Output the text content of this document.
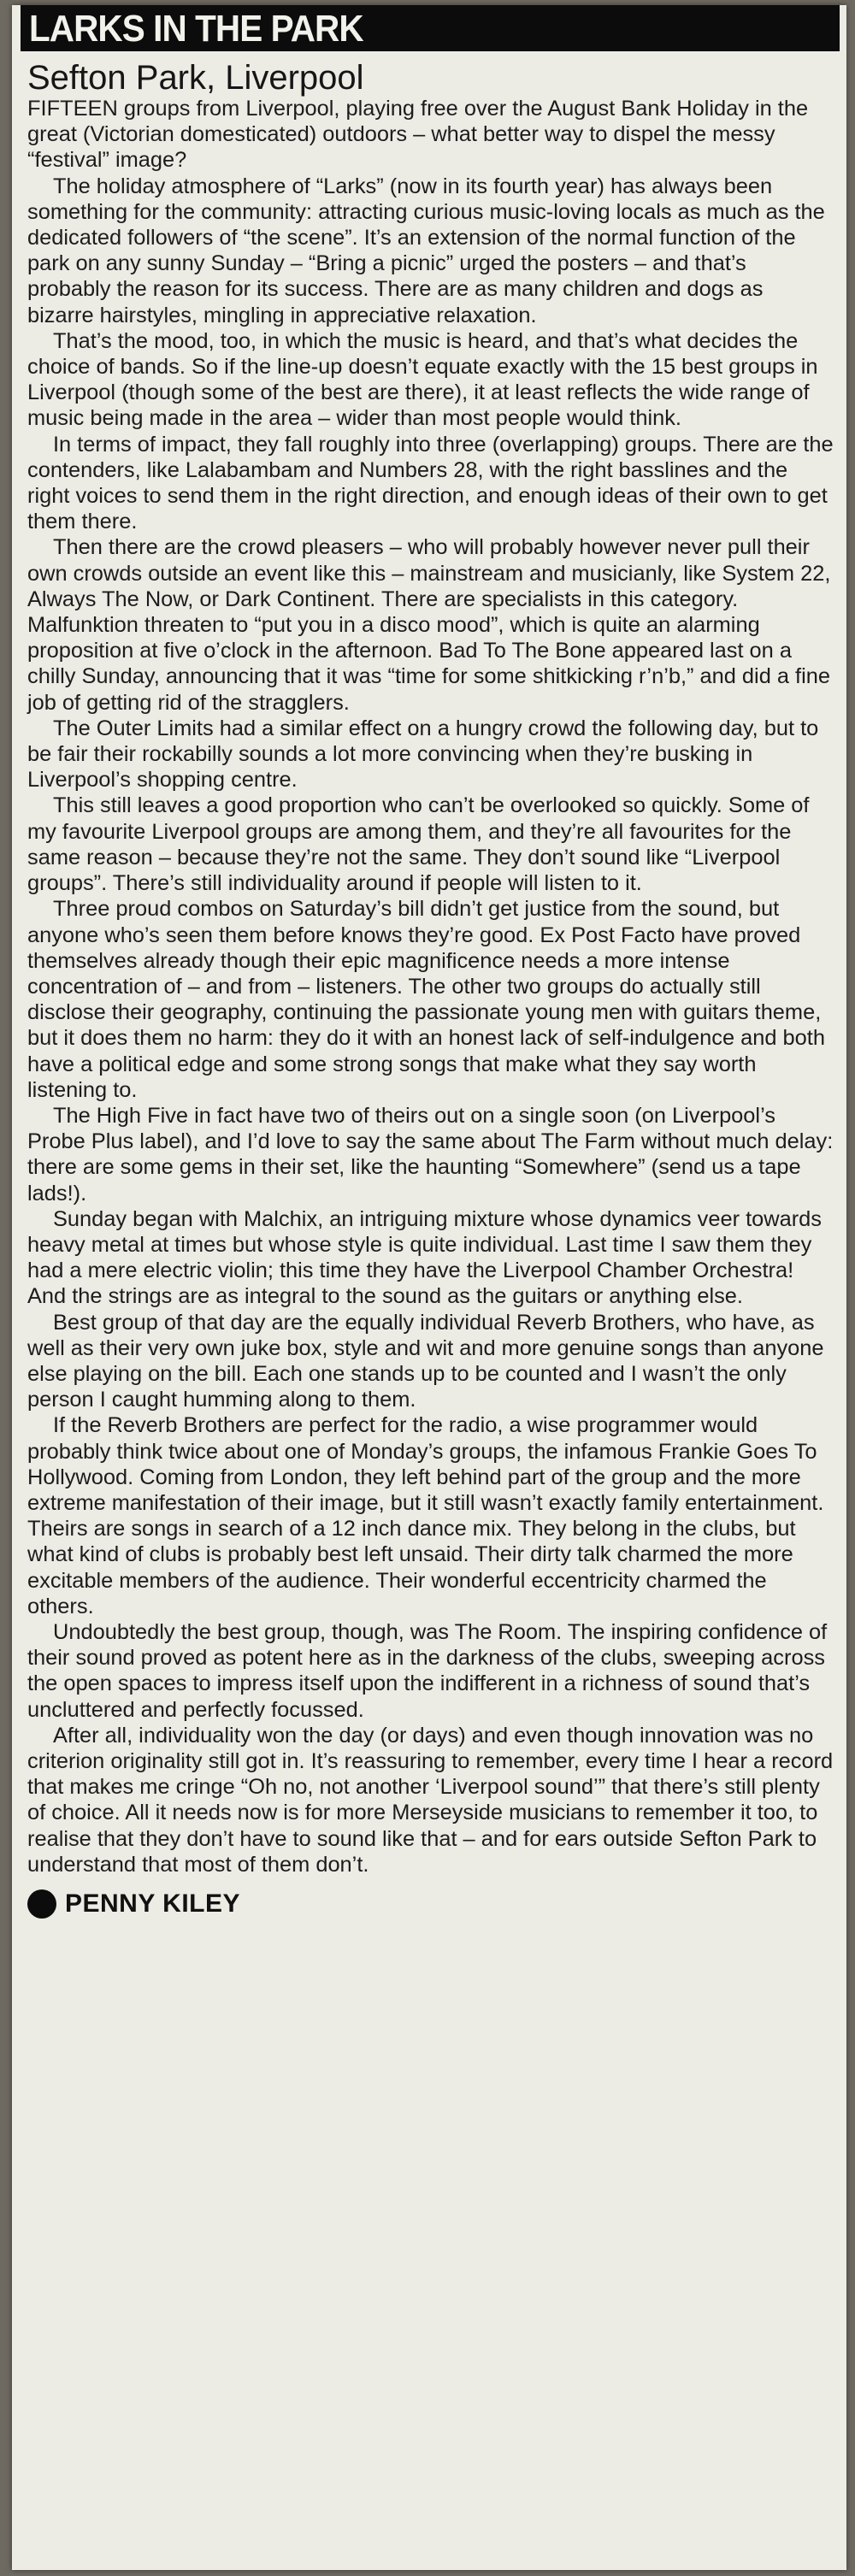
LARKS IN THE PARK
Sefton Park, Liverpool

FIFTEEN groups from Liverpool, playing free over the August Bank Holiday in the great (Victorian domesticated) outdoors – what better way to dispel the messy “festival” image?

The holiday atmosphere of “Larks” (now in its fourth year) has always been something for the community: attracting curious music-loving locals as much as the dedicated followers of “the scene”. It’s an extension of the normal function of the park on any sunny Sunday – “Bring a picnic” urged the posters – and that’s probably the reason for its success. There are as many children and dogs as bizarre hairstyles, mingling in appreciative relaxation.

That’s the mood, too, in which the music is heard, and that’s what decides the choice of bands. So if the line-up doesn’t equate exactly with the 15 best groups in Liverpool (though some of the best are there), it at least reflects the wide range of music being made in the area – wider than most people would think.

In terms of impact, they fall roughly into three (overlapping) groups. There are the contenders, like Lalabambam and Numbers 28, with the right basslines and the right voices to send them in the right direction, and enough ideas of their own to get them there.

Then there are the crowd pleasers – who will probably however never pull their own crowds outside an event like this – mainstream and musicianly, like System 22, Always The Now, or Dark Continent. There are specialists in this category. Malfunktion threaten to “put you in a disco mood”, which is quite an alarming proposition at five o’clock in the afternoon. Bad To The Bone appeared last on a chilly Sunday, announcing that it was “time for some shitkicking r’n’b,” and did a fine job of getting rid of the stragglers.

The Outer Limits had a similar effect on a hungry crowd the following day, but to be fair their rockabilly sounds a lot more convincing when they’re busking in Liverpool’s shopping centre.

This still leaves a good proportion who can’t be overlooked so quickly. Some of my favourite Liverpool groups are among them, and they’re all favourites for the same reason – because they’re not the same. They don’t sound like “Liverpool groups”. There’s still individuality around if people will listen to it.

Three proud combos on Saturday’s bill didn’t get justice from the sound, but anyone who’s seen them before knows they’re good. Ex Post Facto have proved themselves already though their epic magnificence needs a more intense concentration of – and from – listeners. The other two groups do actually still disclose their geography, continuing the passionate young men with guitars theme, but it does them no harm: they do it with an honest lack of self-indulgence and both have a political edge and some strong songs that make what they say worth listening to.

The High Five in fact have two of theirs out on a single soon (on Liverpool’s Probe Plus label), and I’d love to say the same about The Farm without much delay: there are some gems in their set, like the haunting “Somewhere” (send us a tape lads!).

Sunday began with Malchix, an intriguing mixture whose dynamics veer towards heavy metal at times but whose style is quite individual. Last time I saw them they had a mere electric violin; this time they have the Liverpool Chamber Orchestra! And the strings are as integral to the sound as the guitars or anything else.

Best group of that day are the equally individual Reverb Brothers, who have, as well as their very own juke box, style and wit and more genuine songs than anyone else playing on the bill. Each one stands up to be counted and I wasn’t the only person I caught humming along to them.

If the Reverb Brothers are perfect for the radio, a wise programmer would probably think twice about one of Monday’s groups, the infamous Frankie Goes To Hollywood. Coming from London, they left behind part of the group and the more extreme manifestation of their image, but it still wasn’t exactly family entertainment. Theirs are songs in search of a 12 inch dance mix. They belong in the clubs, but what kind of clubs is probably best left unsaid. Their dirty talk charmed the more excitable members of the audience. Their wonderful eccentricity charmed the others.

Undoubtedly the best group, though, was The Room. The inspiring confidence of their sound proved as potent here as in the darkness of the clubs, sweeping across the open spaces to impress itself upon the indifferent in a richness of sound that’s uncluttered and perfectly focussed.

After all, individuality won the day (or days) and even though innovation was no criterion originality still got in. It’s reassuring to remember, every time I hear a record that makes me cringe “Oh no, not another ‘Liverpool sound’” that there’s still plenty of choice. All it needs now is for more Merseyside musicians to remember it too, to realise that they don’t have to sound like that – and for ears outside Sefton Park to understand that most of them don’t.

PENNY KILEY
